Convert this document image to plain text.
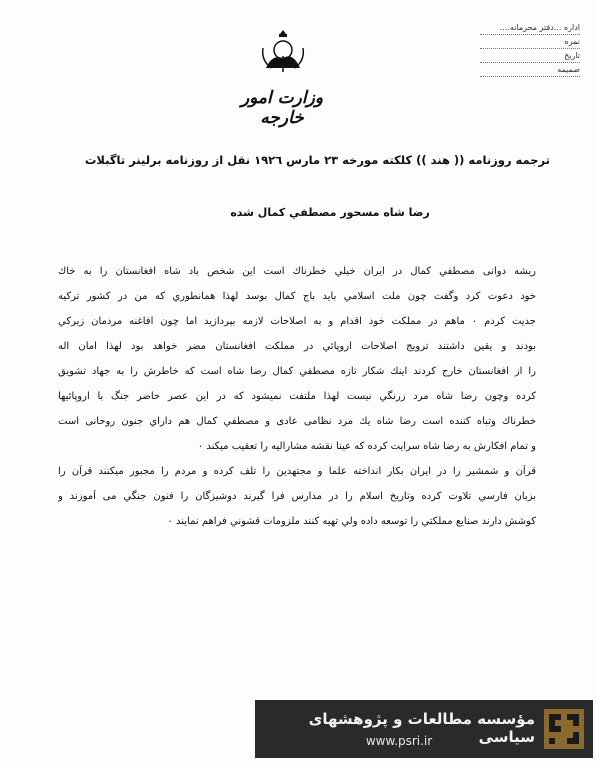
اداره ...دفتر محرمانه....
نمره
تاريخ
ضميمه
وزارت امور خارجه
ترجمه روزنامه (( هند )) كلكته مورخه ٢٣ مارس ١٩٢٦ نقل از روزنامه برلينر تاگبلات
رضا شاه مسحور مصطفي كمال شده
ريشه دوانى مصطفي كمال در ايران خيلي خطرناك است اين شخص باد شاه افغانستان را به خاك
خود دعوت كرد وگفت چون ملت اسلامي بايد باج كمال بوسد لهذا همانطوري كه من در كشور تركيه
جديت كردم ٠ ماهم در مملكت خود اقدام و به اصلاحات لازمه بپردازيد اما چون افاغنه مردمان زيركي
بودند و يقين داشتند ترويج اصلاحات اروپائي در مملكت افغانستان مضر خواهد بود لهذا امان اله
را از افغانستان خارج كردند اينك شكار تازه مصطفي كمال رضا شاه است كه خاطرش را به جهاد تشويق
كرده وچون رضا شاه مرد زرنگي نيست لهذا ملتفت نميشود كه در اين عصر حاضر جنگ با اروپائيها
خطرناك وتباه كننده است رضا شاه يك مرد نظامى عادى و مصطفي كمال هم داراي جنون روحانى است
و تمام افكارش به رضا شاه سرايت كرده كه عينا نقشه مشاراليه را تعقيب ميكند ٠
قرآن و شمشير را در ايران بكار انداخته علما و مجتهدين را تلف كرده و مردم را مجبور ميكنند قرآن را
بزبان فارسي تلاوت كرده وتاريخ اسلام را در مدارس فرا گيرند دوشيزگان را فنون جنگي مى آموزند و
كوشش دارند صنايع مملكتي را توسعه داده ولي تهيه كنند ملزومات قشوني فراهم نمايند ٠
مؤسسه مطالعات و پژوهشهاى سياسى
www.psri.ir
